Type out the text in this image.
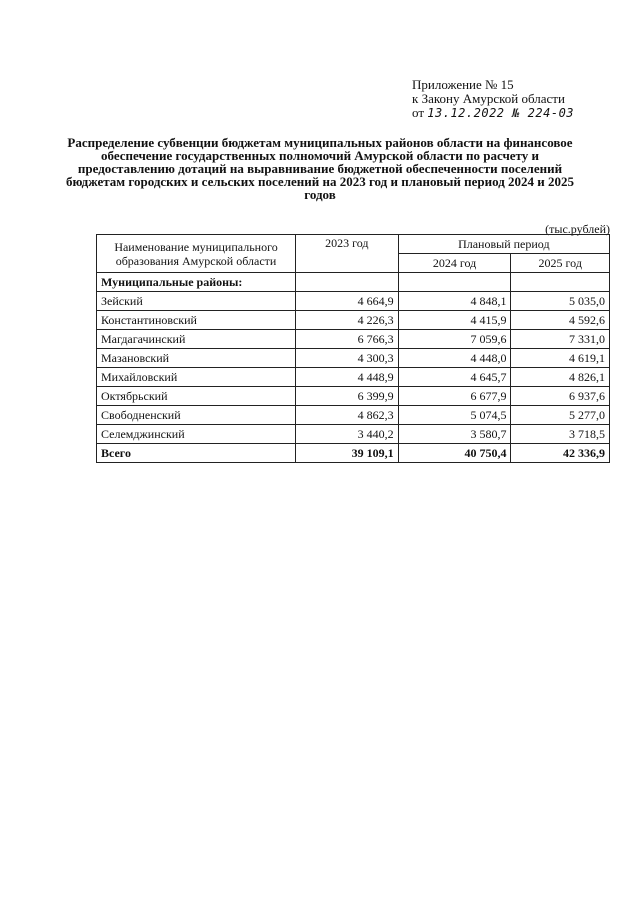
Приложение № 15
к Закону Амурской области
от 13.12.2022 № 224-03
Распределение субвенции бюджетам муниципальных районов области на финансовое обеспечение государственных полномочий Амурской области по расчету и предоставлению дотаций на выравнивание бюджетной обеспеченности поселений бюджетам городских и сельских поселений на 2023 год и плановый период 2024 и 2025 годов
(тыс.рублей)
Наименование муниципального образования Амурской области	2023 год	Плановый период	
		2024 год	2025 год
Муниципальные районы:			
Зейский	4 664,9	4 848,1	5 035,0
Константиновский	4 226,3	4 415,9	4 592,6
Магдагачинский	6 766,3	7 059,6	7 331,0
Мазановский	4 300,3	4 448,0	4 619,1
Михайловский	4 448,9	4 645,7	4 826,1
Октябрьский	6 399,9	6 677,9	6 937,6
Свободненский	4 862,3	5 074,5	5 277,0
Селемджинский	3 440,2	3 580,7	3 718,5
Всего	39 109,1	40 750,4	42 336,9
